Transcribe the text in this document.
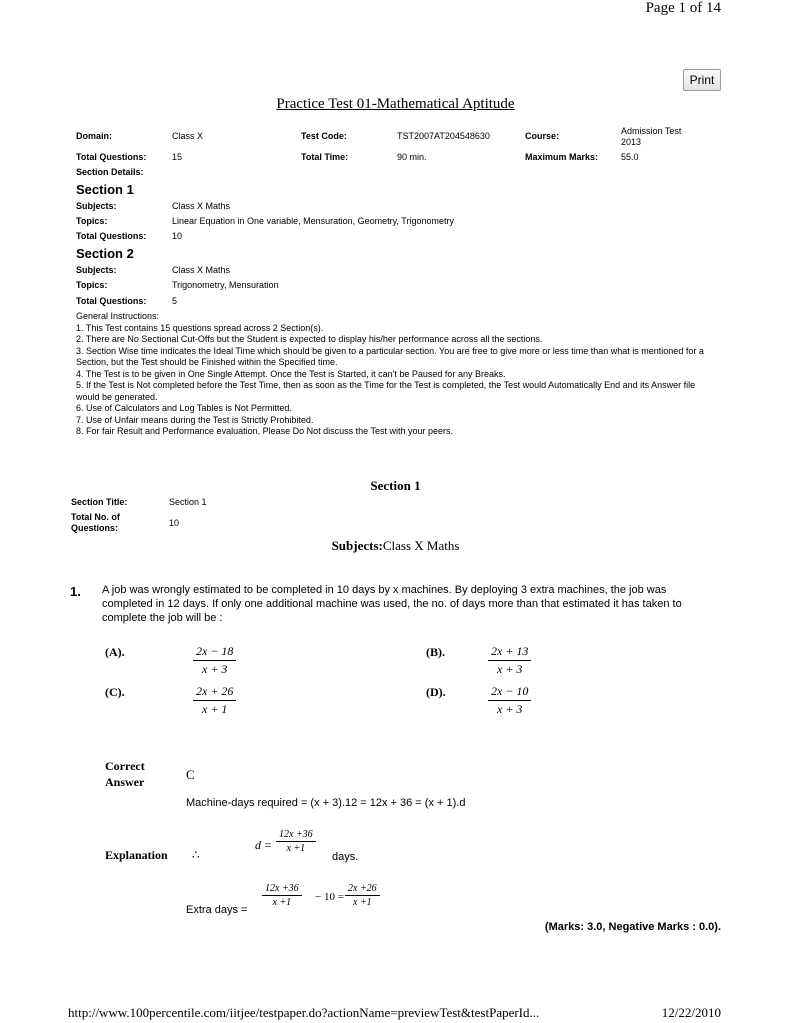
Page 1 of 14
Print
Practice Test 01-Mathematical Aptitude
Domain:	Class X	Test Code:	TST2007AT204548630	Course:	Admission Test
2013
Total Questions:	15	Total Time:	90 min.	Maximum Marks:	55.0
Section Details:
Section 1
Subjects:	Class X Maths
Topics:	Linear Equation in One variable, Mensuration, Geometry, Trigonometry
Total Questions:	10
Section 2
Subjects:	Class X Maths
Topics:	Trigonometry, Mensuration
Total Questions:	5
General Instructions:
1. This Test contains 15 questions spread across 2 Section(s).
2. There are No Sectional Cut-Offs but the Student is expected to display his/her performance across all the sections.
3. Section Wise time indicates the Ideal Time which should be given to a particular section. You are free to give more or less time than what is mentioned for a Section, but the Test should be Finished within the Specified time.
4. The Test is to be given in One Single Attempt. Once the Test is Started, it can't be Paused for any Breaks.
5. If the Test is Not completed before the Test Time, then as soon as the Time for the Test is completed, the Test would Automatically End and its Answer file would be generated.
6. Use of Calculators and Log Tables is Not Permitted.
7. Use of Unfair means during the Test is Strictly Prohibited.
8. For fair Result and Performance evaluation, Please Do Not discuss the Test with your peers.
Section 1
Section Title:	Section 1
Total No. of
Questions:	10
Subjects:Class X Maths
1. A job was wrongly estimated to be completed in 10 days by x machines. By deploying 3 extra machines, the job was completed in 12 days. If only one additional machine was used, the no. of days more than that estimated it has taken to complete the job will be :
(A).	$\frac{2x - 18}{x + 3}$	(B).	$\frac{2x + 13}{x + 3}$
(C).	$\frac{2x + 26}{x + 1}$	(D).	$\frac{2x - 10}{x + 3}$
Correct
Answer	C
Machine-days required = (x + 3).12 = 12x + 36 = (x + 1).d
Explanation ∴
$d = \frac{12x +36}{x +1}$
days.
Extra days =
$\frac{12x +36}{x +1} - 10 = \frac{2x +26}{x +1}$
(Marks: 3.0, Negative Marks : 0.0).
http://www.100percentile.com/iitjee/testpaper.do?actionName=previewTest&testPaperId...	12/22/2010
